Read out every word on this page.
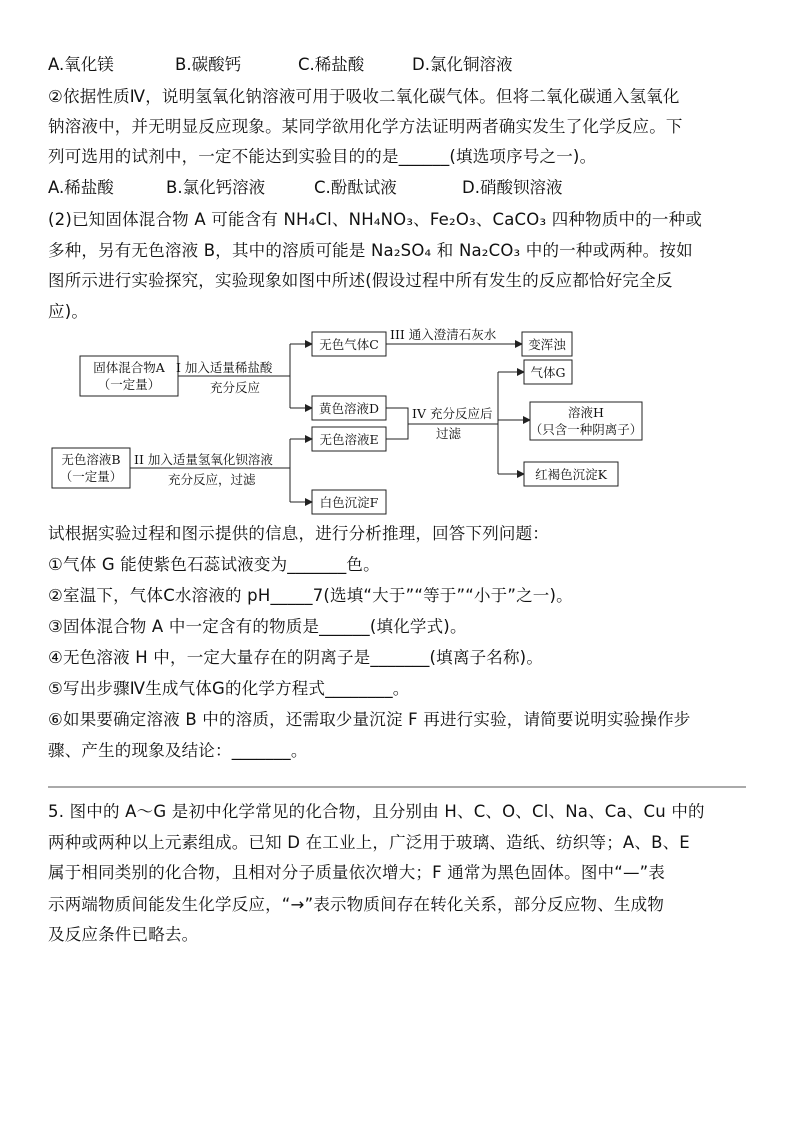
A.氧化镁	B.碳酸钙	C.稀盐酸	D.氯化铜溶液
②依据性质Ⅳ，说明氢氧化钠溶液可用于吸收二氧化碳气体。但将二氧化碳通入氢氧化
钠溶液中，并无明显反应现象。某同学欲用化学方法证明两者确实发生了化学反应。下
列可选用的试剂中，一定不能达到实验目的的是______(填选项序号之一)。
A.稀盐酸	B.氯化钙溶液	C.酚酞试液	D.硝酸钡溶液
(2)已知固体混合物 A 可能含有 NH₄Cl、NH₄NO₃、Fe₂O₃、CaCO₃ 四种物质中的一种或
多种，另有无色溶液 B，其中的溶质可能是 Na₂SO₄ 和 Na₂CO₃ 中的一种或两种。按如
图所示进行实验探究，实验现象如图中所述(假设过程中所有发生的反应都恰好完全反
应)。
固体混合物A
（一定量）
无色溶液B
（一定量）
I 加入适量稀盐酸
充分反应
无色气体C
III 通入澄清石灰水
变浑浊
黄色溶液D
无色溶液E
白色沉淀F
II 加入适量氢氧化钡溶液
充分反应，过滤
IV 充分反应后
过滤
气体G
溶液H
（只含一种阴离子）
红褐色沉淀K
试根据实验过程和图示提供的信息，进行分析推理，回答下列问题：
①气体 G 能使紫色石蕊试液变为_______色。
②室温下，气体C水溶液的 pH_____7(选填“大于”“等于”“小于”之一)。
③固体混合物 A 中一定含有的物质是______(填化学式)。
④无色溶液 H 中，一定大量存在的阴离子是_______(填离子名称)。
⑤写出步骤Ⅳ生成气体G的化学方程式________。
⑥如果要确定溶液 B 中的溶质，还需取少量沉淀 F 再进行实验，请简要说明实验操作步
骤、产生的现象及结论：_______。
5. 图中的 A～G 是初中化学常见的化合物，且分别由 H、C、O、Cl、Na、Ca、Cu 中的
两种或两种以上元素组成。已知 D 在工业上，广泛用于玻璃、造纸、纺织等；A、B、E
属于相同类别的化合物，且相对分子质量依次增大；F 通常为黑色固体。图中“—”表
示两端物质间能发生化学反应，“→”表示物质间存在转化关系，部分反应物、生成物
及反应条件已略去。
